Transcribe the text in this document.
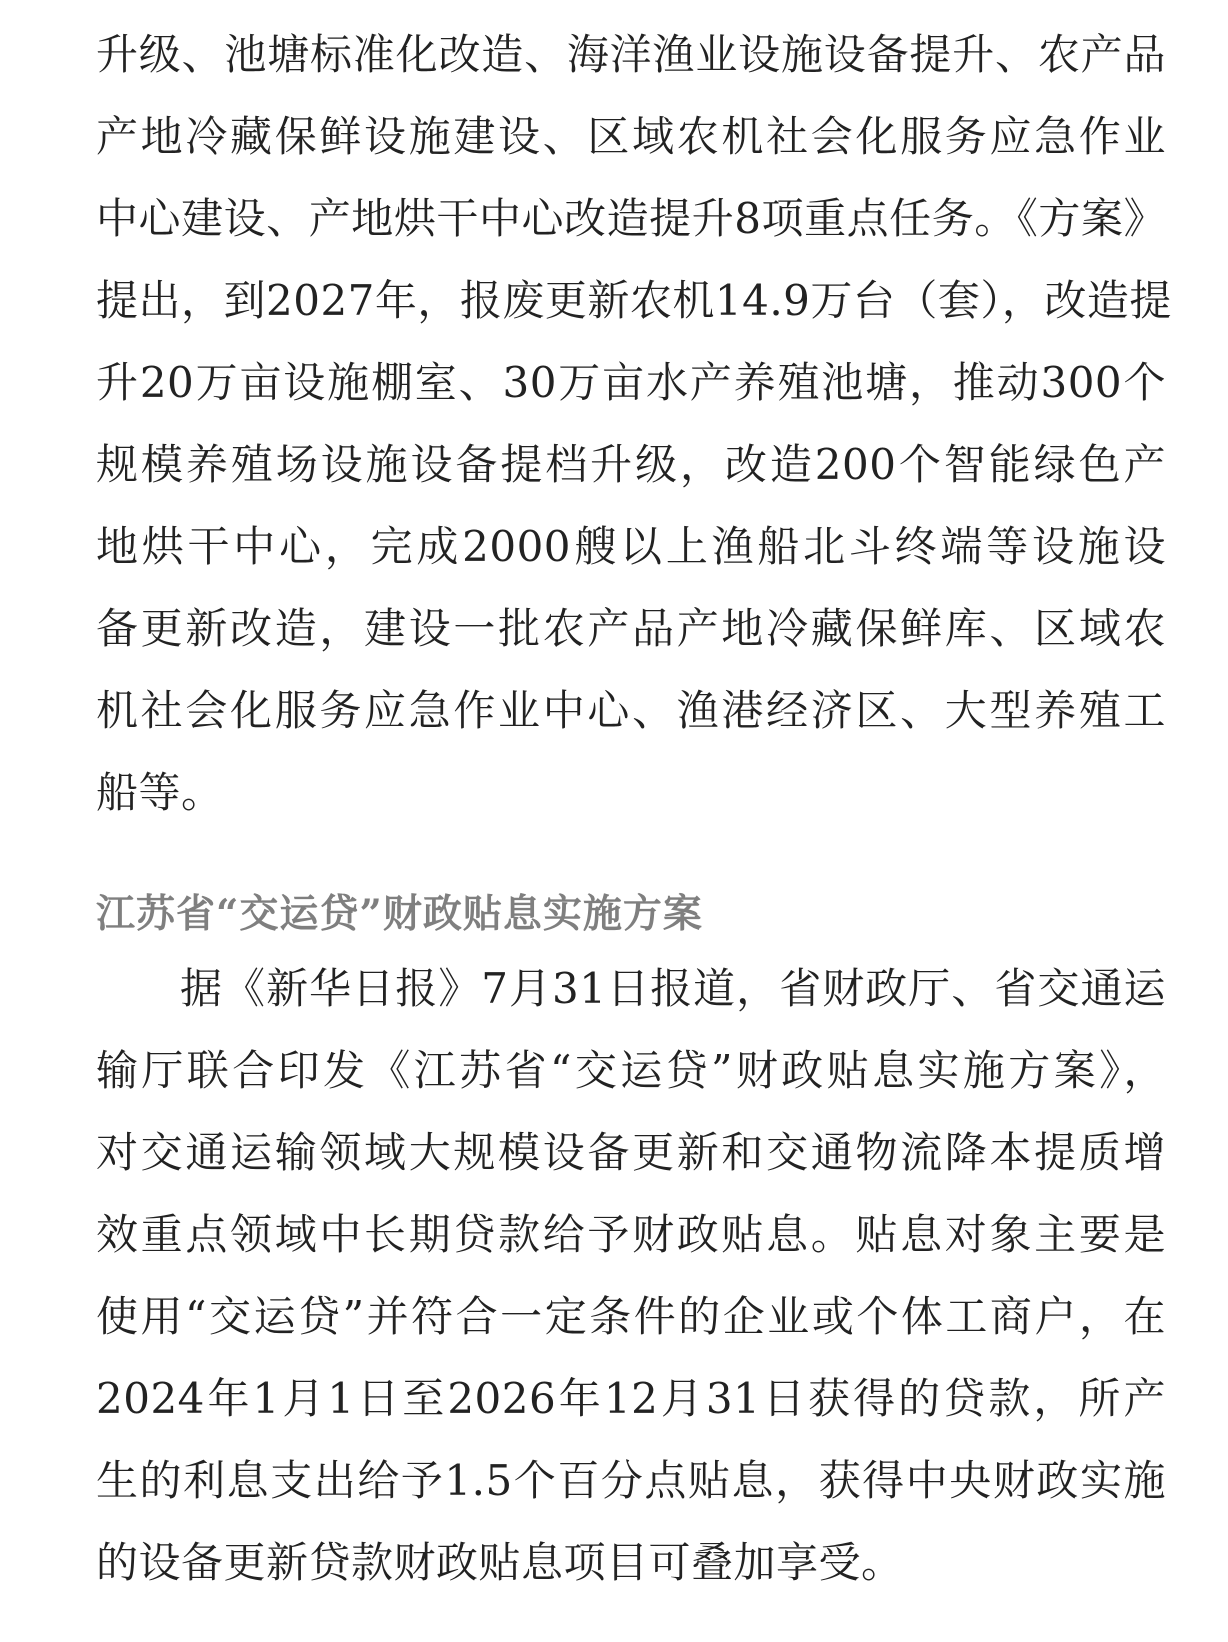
升级、池塘标准化改造、海洋渔业设施设备提升、农产品
产地冷藏保鲜设施建设、区域农机社会化服务应急作业
中心建设、产地烘干中心改造提升8项重点任务。《方案》
提出，到2027年，报废更新农机14.9万台（套），改造提
升20万亩设施棚室、30万亩水产养殖池塘，推动300个
规模养殖场设施设备提档升级，改造200个智能绿色产
地烘干中心，完成2000艘以上渔船北斗终端等设施设
备更新改造，建设一批农产品产地冷藏保鲜库、区域农
机社会化服务应急作业中心、渔港经济区、大型养殖工
船等。
江苏省“交运贷”财政贴息实施方案
据《新华日报》7月31日报道，省财政厅、省交通运
输厅联合印发《江苏省“交运贷”财政贴息实施方案》，
对交通运输领域大规模设备更新和交通物流降本提质增
效重点领域中长期贷款给予财政贴息。贴息对象主要是
使用“交运贷”并符合一定条件的企业或个体工商户，在
2024年1月1日至2026年12月31日获得的贷款，所产
生的利息支出给予1.5个百分点贴息，获得中央财政实施
的设备更新贷款财政贴息项目可叠加享受。
